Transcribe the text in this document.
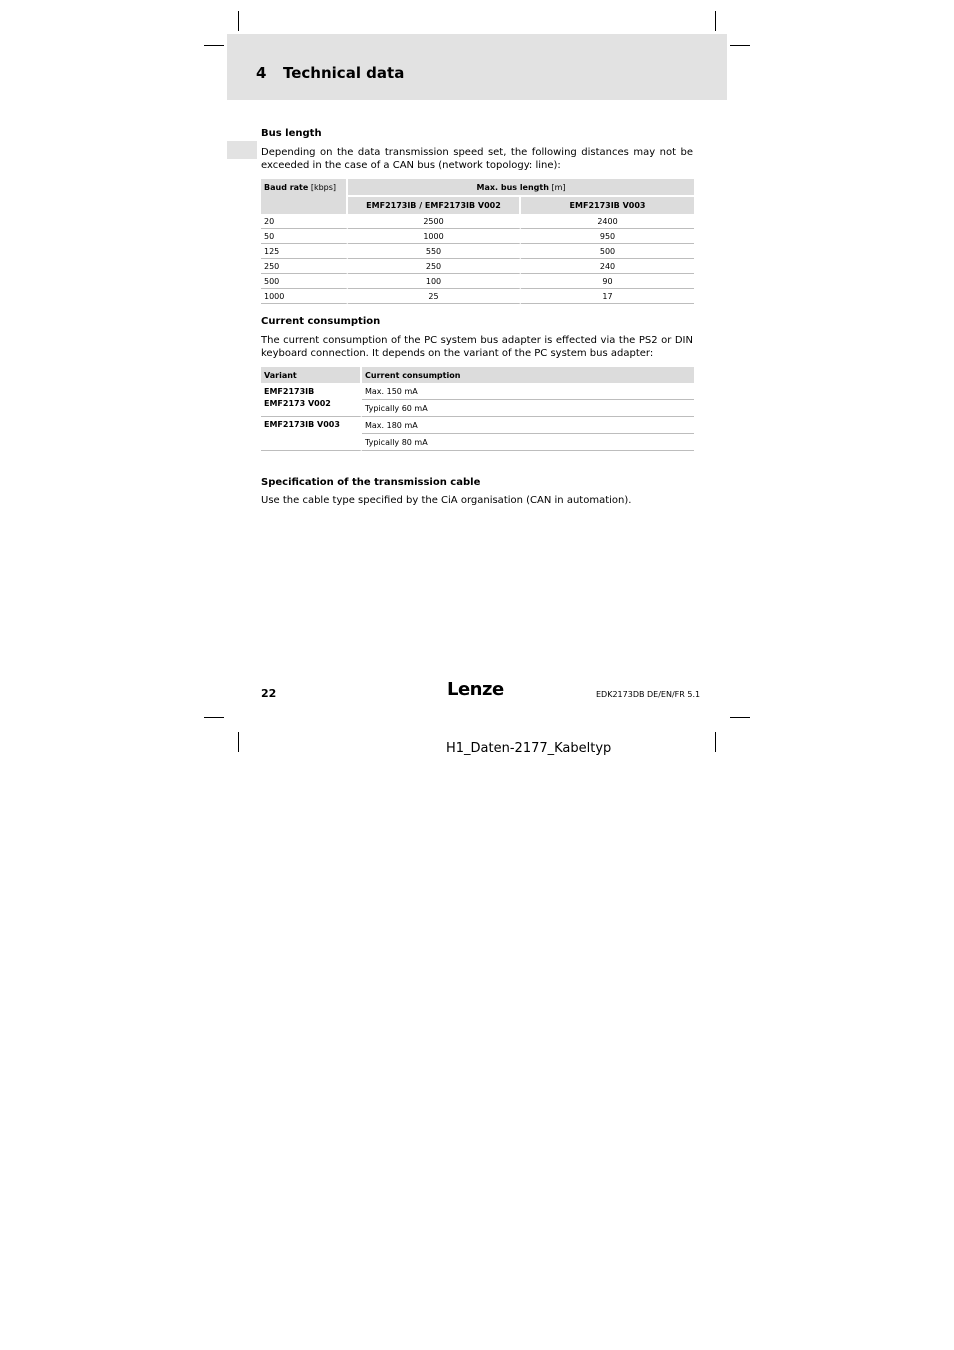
4 Technical data
Bus length
Depending on the data transmission speed set, the following distances may not be exceeded in the case of a CAN bus (network topology: line):
Baud rate [kbps]	Max. bus length [m]	
	EMF2173IB / EMF2173IB V002	EMF2173IB V003
20	2500	2400
50	1000	950
125	550	500
250	250	240
500	100	90
1000	25	17
Current consumption
The current consumption of the PC system bus adapter is effected via the PS2 or DIN keyboard connection. It depends on the variant of the PC system bus adapter:
Variant	Current consumption

EMF2173IB
EMF2173 V002	Max. 150 mA
	Typically 60 mA

EMF2173IB V003	Max. 180 mA
	Typically 80 mA
Specification of the transmission cable
Use the cable type specified by the CiA organisation (CAN in automation).
22	Lenze	EDK2173DB DE/EN/FR 5.1
H1_Daten-2177_Kabeltyp
